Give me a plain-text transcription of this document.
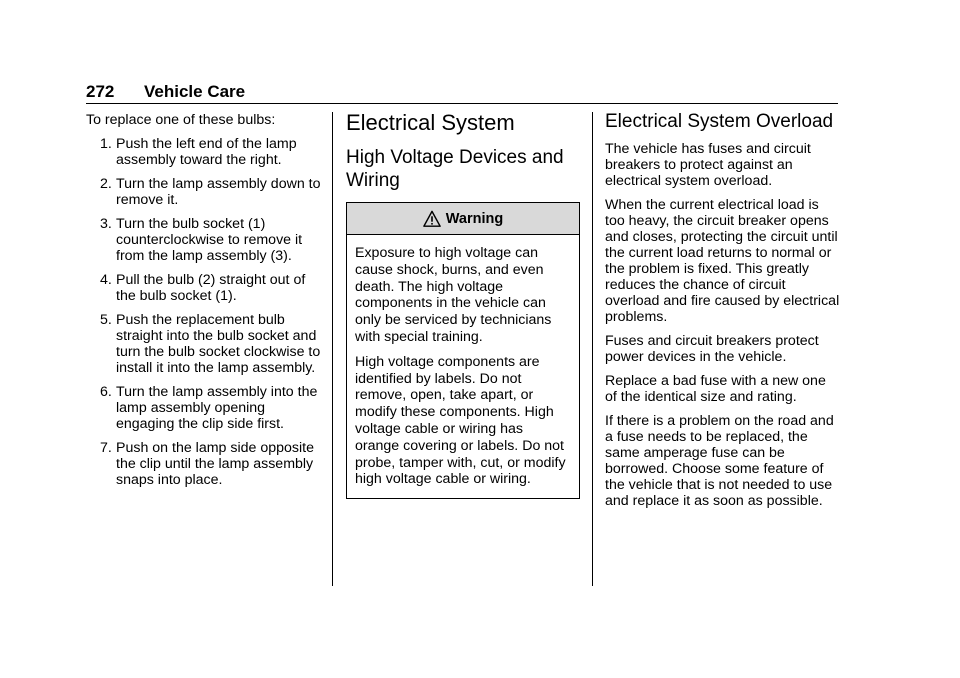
272 Vehicle Care

To replace one of these bulbs:

1. Push the left end of the lamp assembly toward the right.
2. Turn the lamp assembly down to remove it.
3. Turn the bulb socket (1) counterclockwise to remove it from the lamp assembly (3).
4. Pull the bulb (2) straight out of the bulb socket (1).
5. Push the replacement bulb straight into the bulb socket and turn the bulb socket clockwise to install it into the lamp assembly.
6. Turn the lamp assembly into the lamp assembly opening engaging the clip side first.
7. Push on the lamp side opposite the clip until the lamp assembly snaps into place.
Electrical System
High Voltage Devices and Wiring
Warning

Exposure to high voltage can cause shock, burns, and even death. The high voltage components in the vehicle can only be serviced by technicians with special training.

High voltage components are identified by labels. Do not remove, open, take apart, or modify these components. High voltage cable or wiring has orange covering or labels. Do not probe, tamper with, cut, or modify high voltage cable or wiring.

Electrical System Overload

The vehicle has fuses and circuit breakers to protect against an electrical system overload.

When the current electrical load is too heavy, the circuit breaker opens and closes, protecting the circuit until the current load returns to normal or the problem is fixed. This greatly reduces the chance of circuit overload and fire caused by electrical problems.

Fuses and circuit breakers protect power devices in the vehicle.

Replace a bad fuse with a new one of the identical size and rating.

If there is a problem on the road and a fuse needs to be replaced, the same amperage fuse can be borrowed. Choose some feature of the vehicle that is not needed to use and replace it as soon as possible.
